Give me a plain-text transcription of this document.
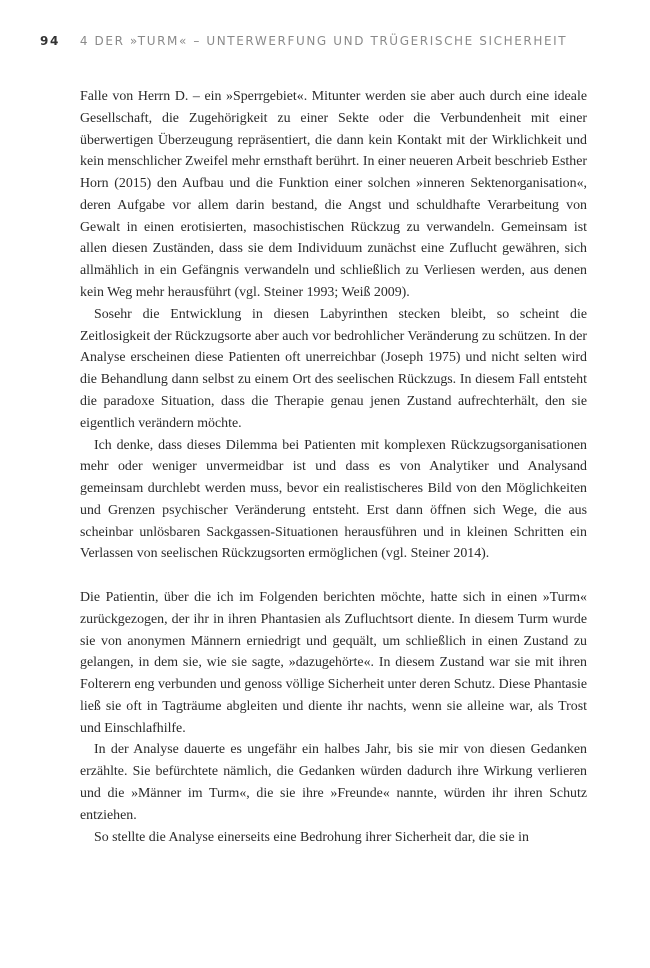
94 4 DER »TURM« – UNTERWERFUNG UND TRÜGERISCHE SICHERHEIT

Falle von Herrn D. – ein »Sperrgebiet«. Mitunter werden sie aber auch durch eine ideale Gesellschaft, die Zugehörigkeit zu einer Sekte oder die Verbundenheit mit einer überwertigen Überzeugung repräsentiert, die dann kein Kontakt mit der Wirklichkeit und kein menschlicher Zweifel mehr ernsthaft berührt. In einer neueren Arbeit beschrieb Esther Horn (2015) den Aufbau und die Funktion einer solchen »inneren Sektenorganisation«, deren Aufgabe vor allem darin bestand, die Angst und schuldhafte Verarbeitung von Gewalt in einen erotisierten, masochistischen Rückzug zu verwandeln. Gemeinsam ist allen diesen Zuständen, dass sie dem Individuum zunächst eine Zuflucht gewähren, sich allmählich in ein Gefängnis verwandeln und schließlich zu Verliesen werden, aus denen kein Weg mehr herausführt (vgl. Steiner 1993; Weiß 2009).

Sosehr die Entwicklung in diesen Labyrinthen stecken bleibt, so scheint die Zeitlosigkeit der Rückzugsorte aber auch vor bedrohlicher Veränderung zu schützen. In der Analyse erscheinen diese Patienten oft unerreichbar (Joseph 1975) und nicht selten wird die Behandlung dann selbst zu einem Ort des seelischen Rückzugs. In diesem Fall entsteht die paradoxe Situation, dass die Therapie genau jenen Zustand aufrechterhält, den sie eigentlich verändern möchte.

Ich denke, dass dieses Dilemma bei Patienten mit komplexen Rückzugsorganisationen mehr oder weniger unvermeidbar ist und dass es von Analytiker und Analysand gemeinsam durchlebt werden muss, bevor ein realistischeres Bild von den Möglichkeiten und Grenzen psychischer Veränderung entsteht. Erst dann öffnen sich Wege, die aus scheinbar unlösbaren Sackgassen-Situationen herausführen und in kleinen Schritten ein Verlassen von seelischen Rückzugsorten ermöglichen (vgl. Steiner 2014).

Die Patientin, über die ich im Folgenden berichten möchte, hatte sich in einen »Turm« zurückgezogen, der ihr in ihren Phantasien als Zufluchtsort diente. In diesem Turm wurde sie von anonymen Männern erniedrigt und gequält, um schließlich in einen Zustand zu gelangen, in dem sie, wie sie sagte, »dazugehörte«. In diesem Zustand war sie mit ihren Folterern eng verbunden und genoss völlige Sicherheit unter deren Schutz. Diese Phantasie ließ sie oft in Tagträume abgleiten und diente ihr nachts, wenn sie alleine war, als Trost und Einschlafhilfe.

In der Analyse dauerte es ungefähr ein halbes Jahr, bis sie mir von diesen Gedanken erzählte. Sie befürchtete nämlich, die Gedanken würden dadurch ihre Wirkung verlieren und die »Männer im Turm«, die sie ihre »Freunde« nannte, würden ihr ihren Schutz entziehen.

So stellte die Analyse einerseits eine Bedrohung ihrer Sicherheit dar, die sie in
